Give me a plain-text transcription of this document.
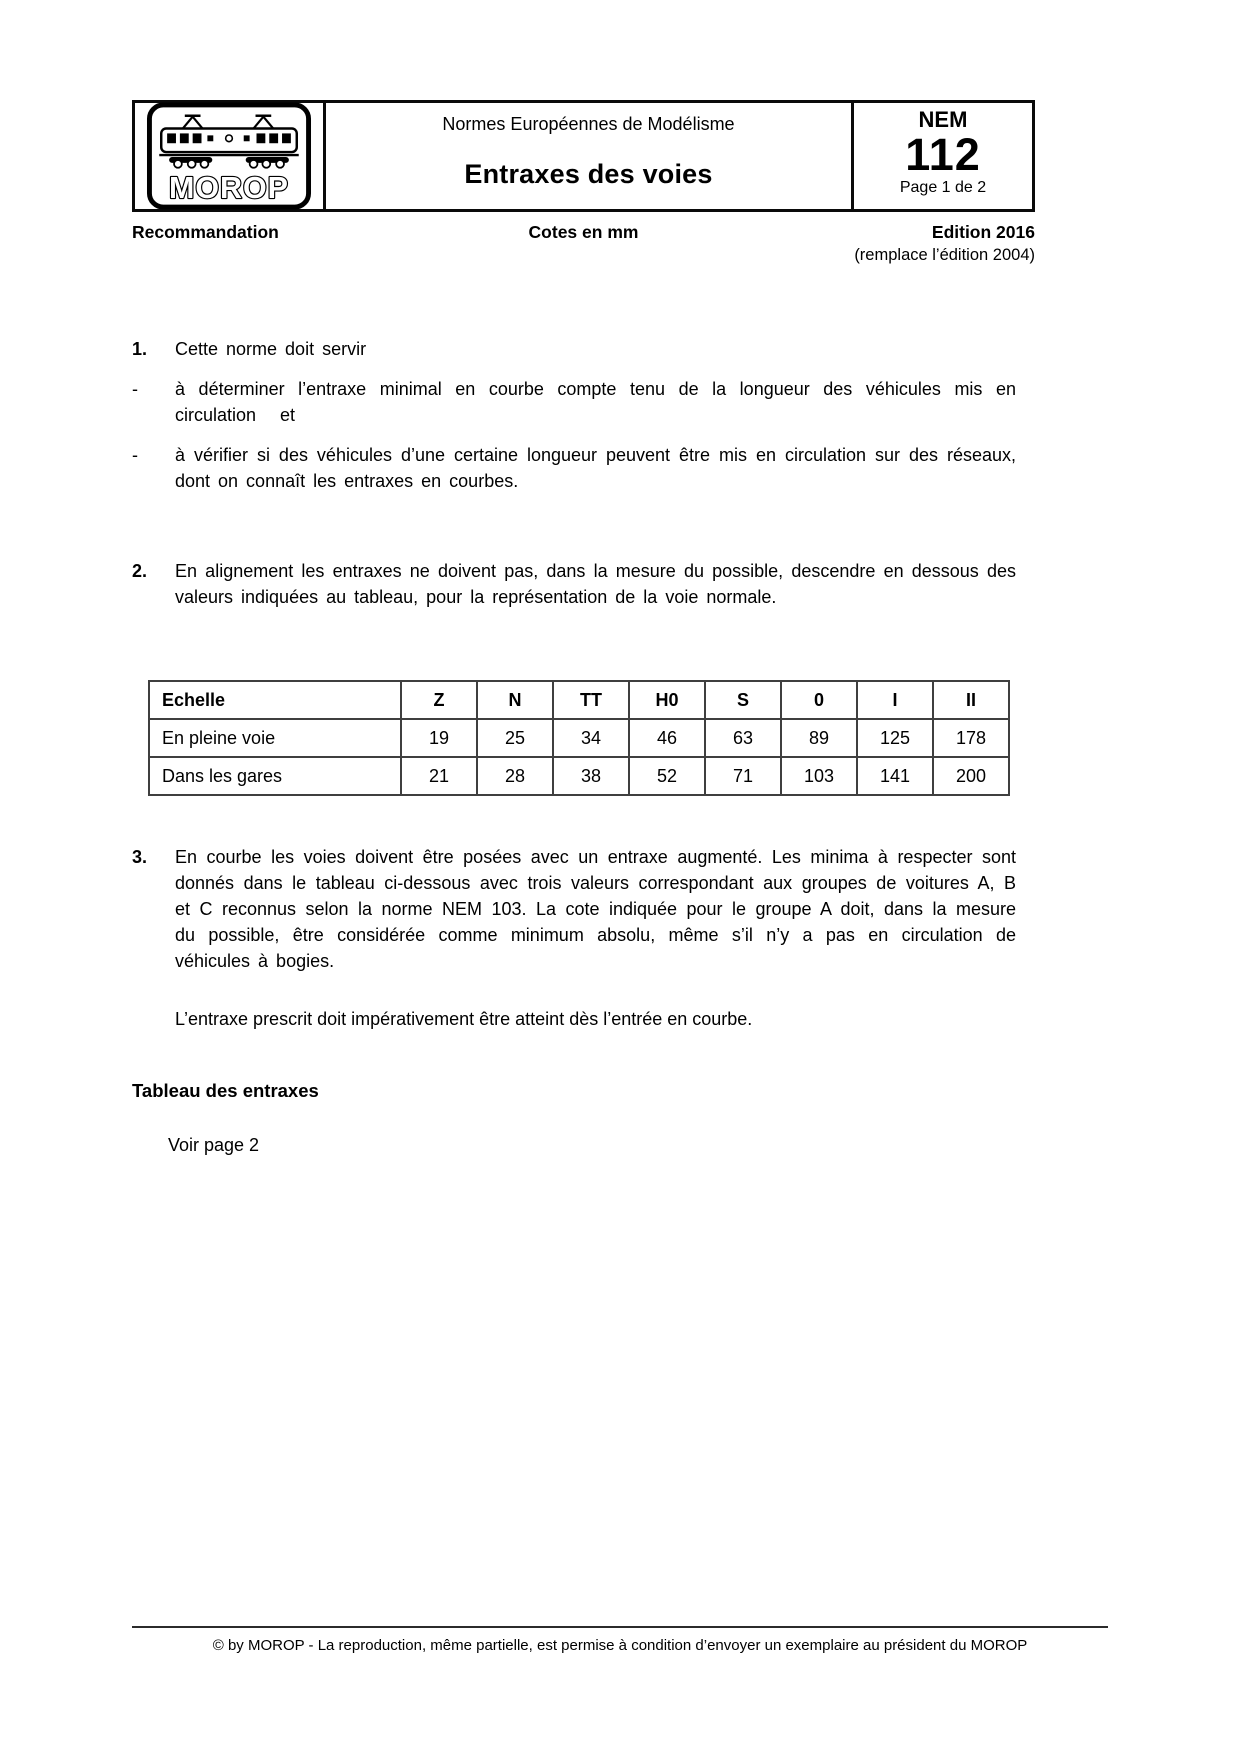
MOROP
Normes Européennes de Modélisme
Entraxes des voies
NEM
112
Page 1 de 2
Recommandation	Cotes en mm	Edition 2016
(remplace l’édition 2004)
1.	Cette norme doit servir
-	à déterminer l’entraxe minimal en courbe compte tenu de la longueur des véhicules mis en circulation   et
-	à vérifier si des véhicules d’une certaine longueur peuvent être mis en circulation sur des réseaux, dont on connaît les entraxes en courbes.
2.	En alignement les entraxes ne doivent pas, dans la mesure du possible, descendre en dessous des valeurs indiquées au tableau, pour la représentation de la voie normale.
Echelle	Z	N	TT	H0	S	0	I	II
En pleine voie	19	25	34	46	63	89	125	178
Dans les gares	21	28	38	52	71	103	141	200
3.	En courbe les voies doivent être posées avec un entraxe augmenté. Les minima à respecter sont donnés dans le tableau ci-dessous avec trois valeurs correspondant aux groupes de voitures A, B et C reconnus selon la norme NEM 103. La cote indiquée pour le groupe A doit, dans la mesure du possible, être considérée comme minimum absolu, même s’il n’y a pas en circulation de véhicules à bogies.
L’entraxe prescrit doit impérativement être atteint dès l’entrée en courbe.
Tableau des entraxes
Voir page 2
© by MOROP - La reproduction, même partielle, est permise à condition d’envoyer un exemplaire au président du MOROP
